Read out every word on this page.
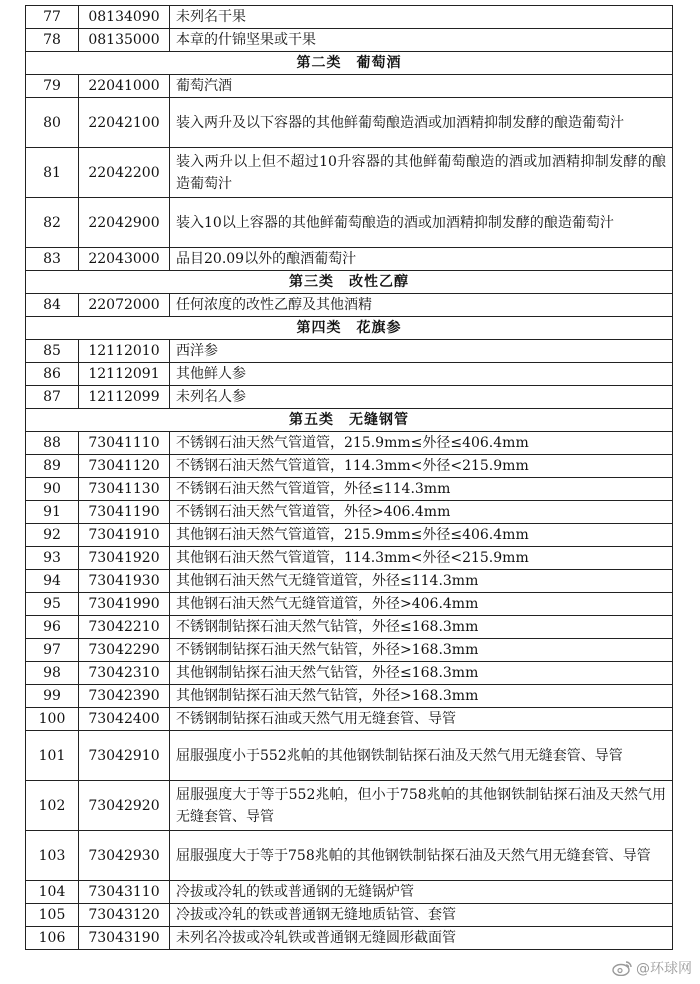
77	08134090	未列名干果
78	08135000	本章的什锦坚果或干果
第二类　葡萄酒		
79	22041000	葡萄汽酒
80	22042100	装入两升及以下容器的其他鲜葡萄酿造酒或加酒精抑制发酵的酿造葡萄汁
81	22042200	装入两升以上但不超过10升容器的其他鲜葡萄酿造的酒或加酒精抑制发酵的酿造葡萄汁
82	22042900	装入10以上容器的其他鲜葡萄酿造的酒或加酒精抑制发酵的酿造葡萄汁
83	22043000	品目20.09以外的酿酒葡萄汁
第三类　改性乙醇		
84	22072000	任何浓度的改性乙醇及其他酒精
第四类　花旗参		
85	12112010	西洋参
86	12112091	其他鲜人参
87	12112099	未列名人参
第五类　无缝钢管		
88	73041110	不锈钢石油天然气管道管，215.9mm≤外径≤406.4mm
89	73041120	不锈钢石油天然气管道管，114.3mm<外径<215.9mm
90	73041130	不锈钢石油天然气管道管，外径≤114.3mm
91	73041190	不锈钢石油天然气管道管，外径>406.4mm
92	73041910	其他钢石油天然气管道管，215.9mm≤外径≤406.4mm
93	73041920	其他钢石油天然气管道管，114.3mm<外径<215.9mm
94	73041930	其他钢石油天然气无缝管道管，外径≤114.3mm
95	73041990	其他钢石油天然气无缝管道管，外径>406.4mm
96	73042210	不锈钢制钻探石油天然气钻管，外径≤168.3mm
97	73042290	不锈钢制钻探石油天然气钻管，外径>168.3mm
98	73042310	其他钢制钻探石油天然气钻管，外径≤168.3mm
99	73042390	其他钢制钻探石油天然气钻管，外径>168.3mm
100	73042400	不锈钢制钻探石油或天然气用无缝套管、导管
101	73042910	屈服强度小于552兆帕的其他钢铁制钻探石油及天然气用无缝套管、导管
102	73042920	屈服强度大于等于552兆帕，但小于758兆帕的其他钢铁制钻探石油及天然气用无缝套管、导管
103	73042930	屈服强度大于等于758兆帕的其他钢铁制钻探石油及天然气用无缝套管、导管
104	73043110	冷拔或冷轧的铁或普通钢的无缝锅炉管
105	73043120	冷拔或冷轧的铁或普通钢无缝地质钻管、套管
106	73043190	未列名冷拔或冷轧铁或普通钢无缝圆形截面管
@环球网
